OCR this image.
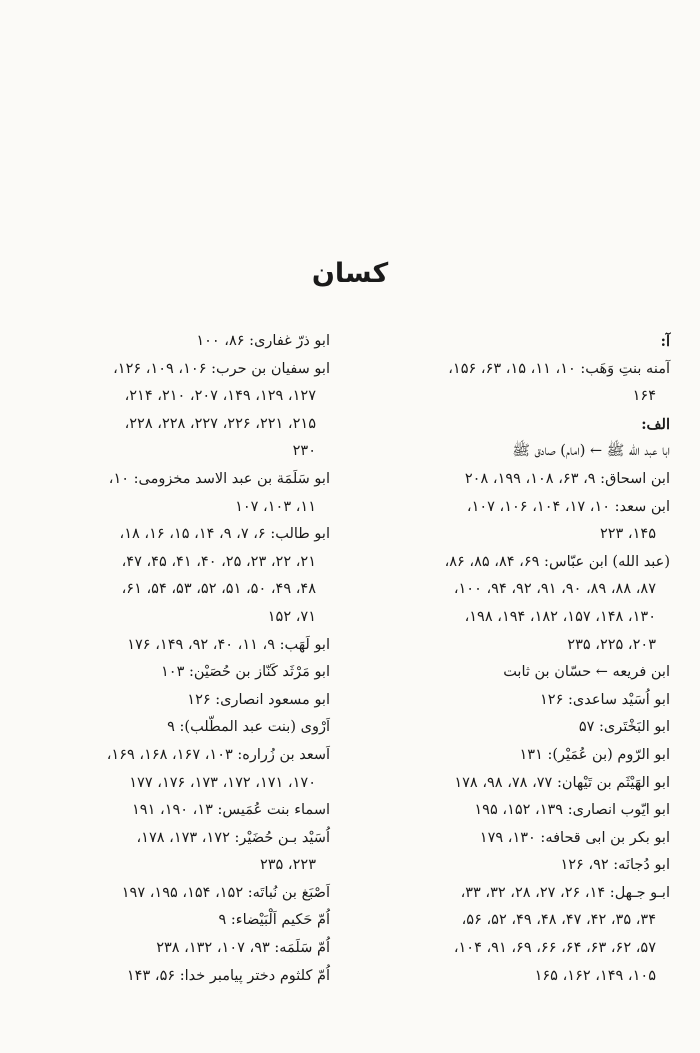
کسان
آ:
آمنه بنتِ وَهَب: ۱۰، ۱۱، ۱۵، ۶۳، ۱۵۶،
۱۶۴
الف:
ابا عبد الله ﷺ ← (امام) صادق ﷺ
ابن اسحاق: ۹، ۶۳، ۱۰۸، ۱۹۹، ۲۰۸
ابن سعد: ۱۰، ۱۷، ۱۰۴، ۱۰۶، ۱۰۷،
۱۴۵، ۲۲۳
(عبد الله) ابن عبّاس: ۶۹، ۸۴، ۸۵، ۸۶،
۸۷، ۸۸، ۸۹، ۹۰، ۹۱، ۹۲، ۹۴، ۱۰۰،
۱۳۰، ۱۴۸، ۱۵۷، ۱۸۲، ۱۹۴، ۱۹۸،
۲۰۳، ۲۲۵، ۲۳۵
ابن فريعه ← حسّان بن ثابت
ابو اُسَيْد ساعدى: ۱۲۶
ابو البَخْتَرى: ۵۷
ابو الرّوم (بن عُمَيْر): ۱۳۱
ابو الهَيْثَم بن تَيْهان: ۷۷، ۷۸، ۹۸، ۱۷۸
ابو ايّوب انصارى: ۱۳۹، ۱۵۲، ۱۹۵
ابو بكر بن ابى قحافه: ۱۳۰، ۱۷۹
ابو دُجانَه: ۹۲، ۱۲۶
ابـو جـهل: ۱۴، ۲۶، ۲۷، ۲۸، ۳۲، ۳۳،
۳۴، ۳۵، ۴۲، ۴۷، ۴۸، ۴۹، ۵۲، ۵۶،
۵۷، ۶۲، ۶۳، ۶۴، ۶۶، ۶۹، ۹۱، ۱۰۴،
۱۰۵، ۱۴۹، ۱۶۲، ۱۶۵
ابو ذرّ غفارى: ۸۶، ۱۰۰
ابو سفيان بن حرب: ۱۰۶، ۱۰۹، ۱۲۶،
۱۲۷، ۱۲۹، ۱۴۹، ۲۰۷، ۲۱۰، ۲۱۴،
۲۱۵، ۲۲۱، ۲۲۶، ۲۲۷، ۲۲۸، ۲۲۸،
۲۳۰
ابو سَلَمَة بن عبد الاسد مخزومى: ۱۰،
۱۱، ۱۰۳، ۱۰۷
ابو طالب: ۶، ۷، ۹، ۱۴، ۱۵، ۱۶، ۱۸،
۲۱، ۲۲، ۲۳، ۲۵، ۴۰، ۴۱، ۴۵، ۴۷،
۴۸، ۴۹، ۵۰، ۵۱، ۵۲، ۵۳، ۵۴، ۶۱،
۷۱، ۱۵۲
ابو لَهَب: ۹، ۱۱، ۴۰، ۹۲، ۱۴۹، ۱۷۶
ابو مَرْثَد كَنّاز بن حُصَيْن: ۱۰۳
ابو مسعود انصارى: ۱۲۶
اَرْوى (بنت عبد المطّلب): ۹
اَسعد بن زُراره: ۱۰۳، ۱۶۷، ۱۶۸، ۱۶۹،
۱۷۰، ۱۷۱، ۱۷۲، ۱۷۳، ۱۷۶، ۱۷۷
اسماء بنت عُمَيس: ۱۳، ۱۹۰، ۱۹۱
اُسَيْد بـن حُضَيْر: ۱۷۲، ۱۷۳، ۱۷۸،
۲۲۳، ۲۳۵
اَصْبَغ بن نُباتَه: ۱۵۲، ۱۵۴، ۱۹۵، ۱۹۷
اُمّ حَكيم اَلْبَيْضاء: ۹
اُمّ سَلَمَه: ۹۳، ۱۰۷، ۱۳۲، ۲۳۸
اُمّ كلثوم دختر پيامبر خدا: ۵۶، ۱۴۳
